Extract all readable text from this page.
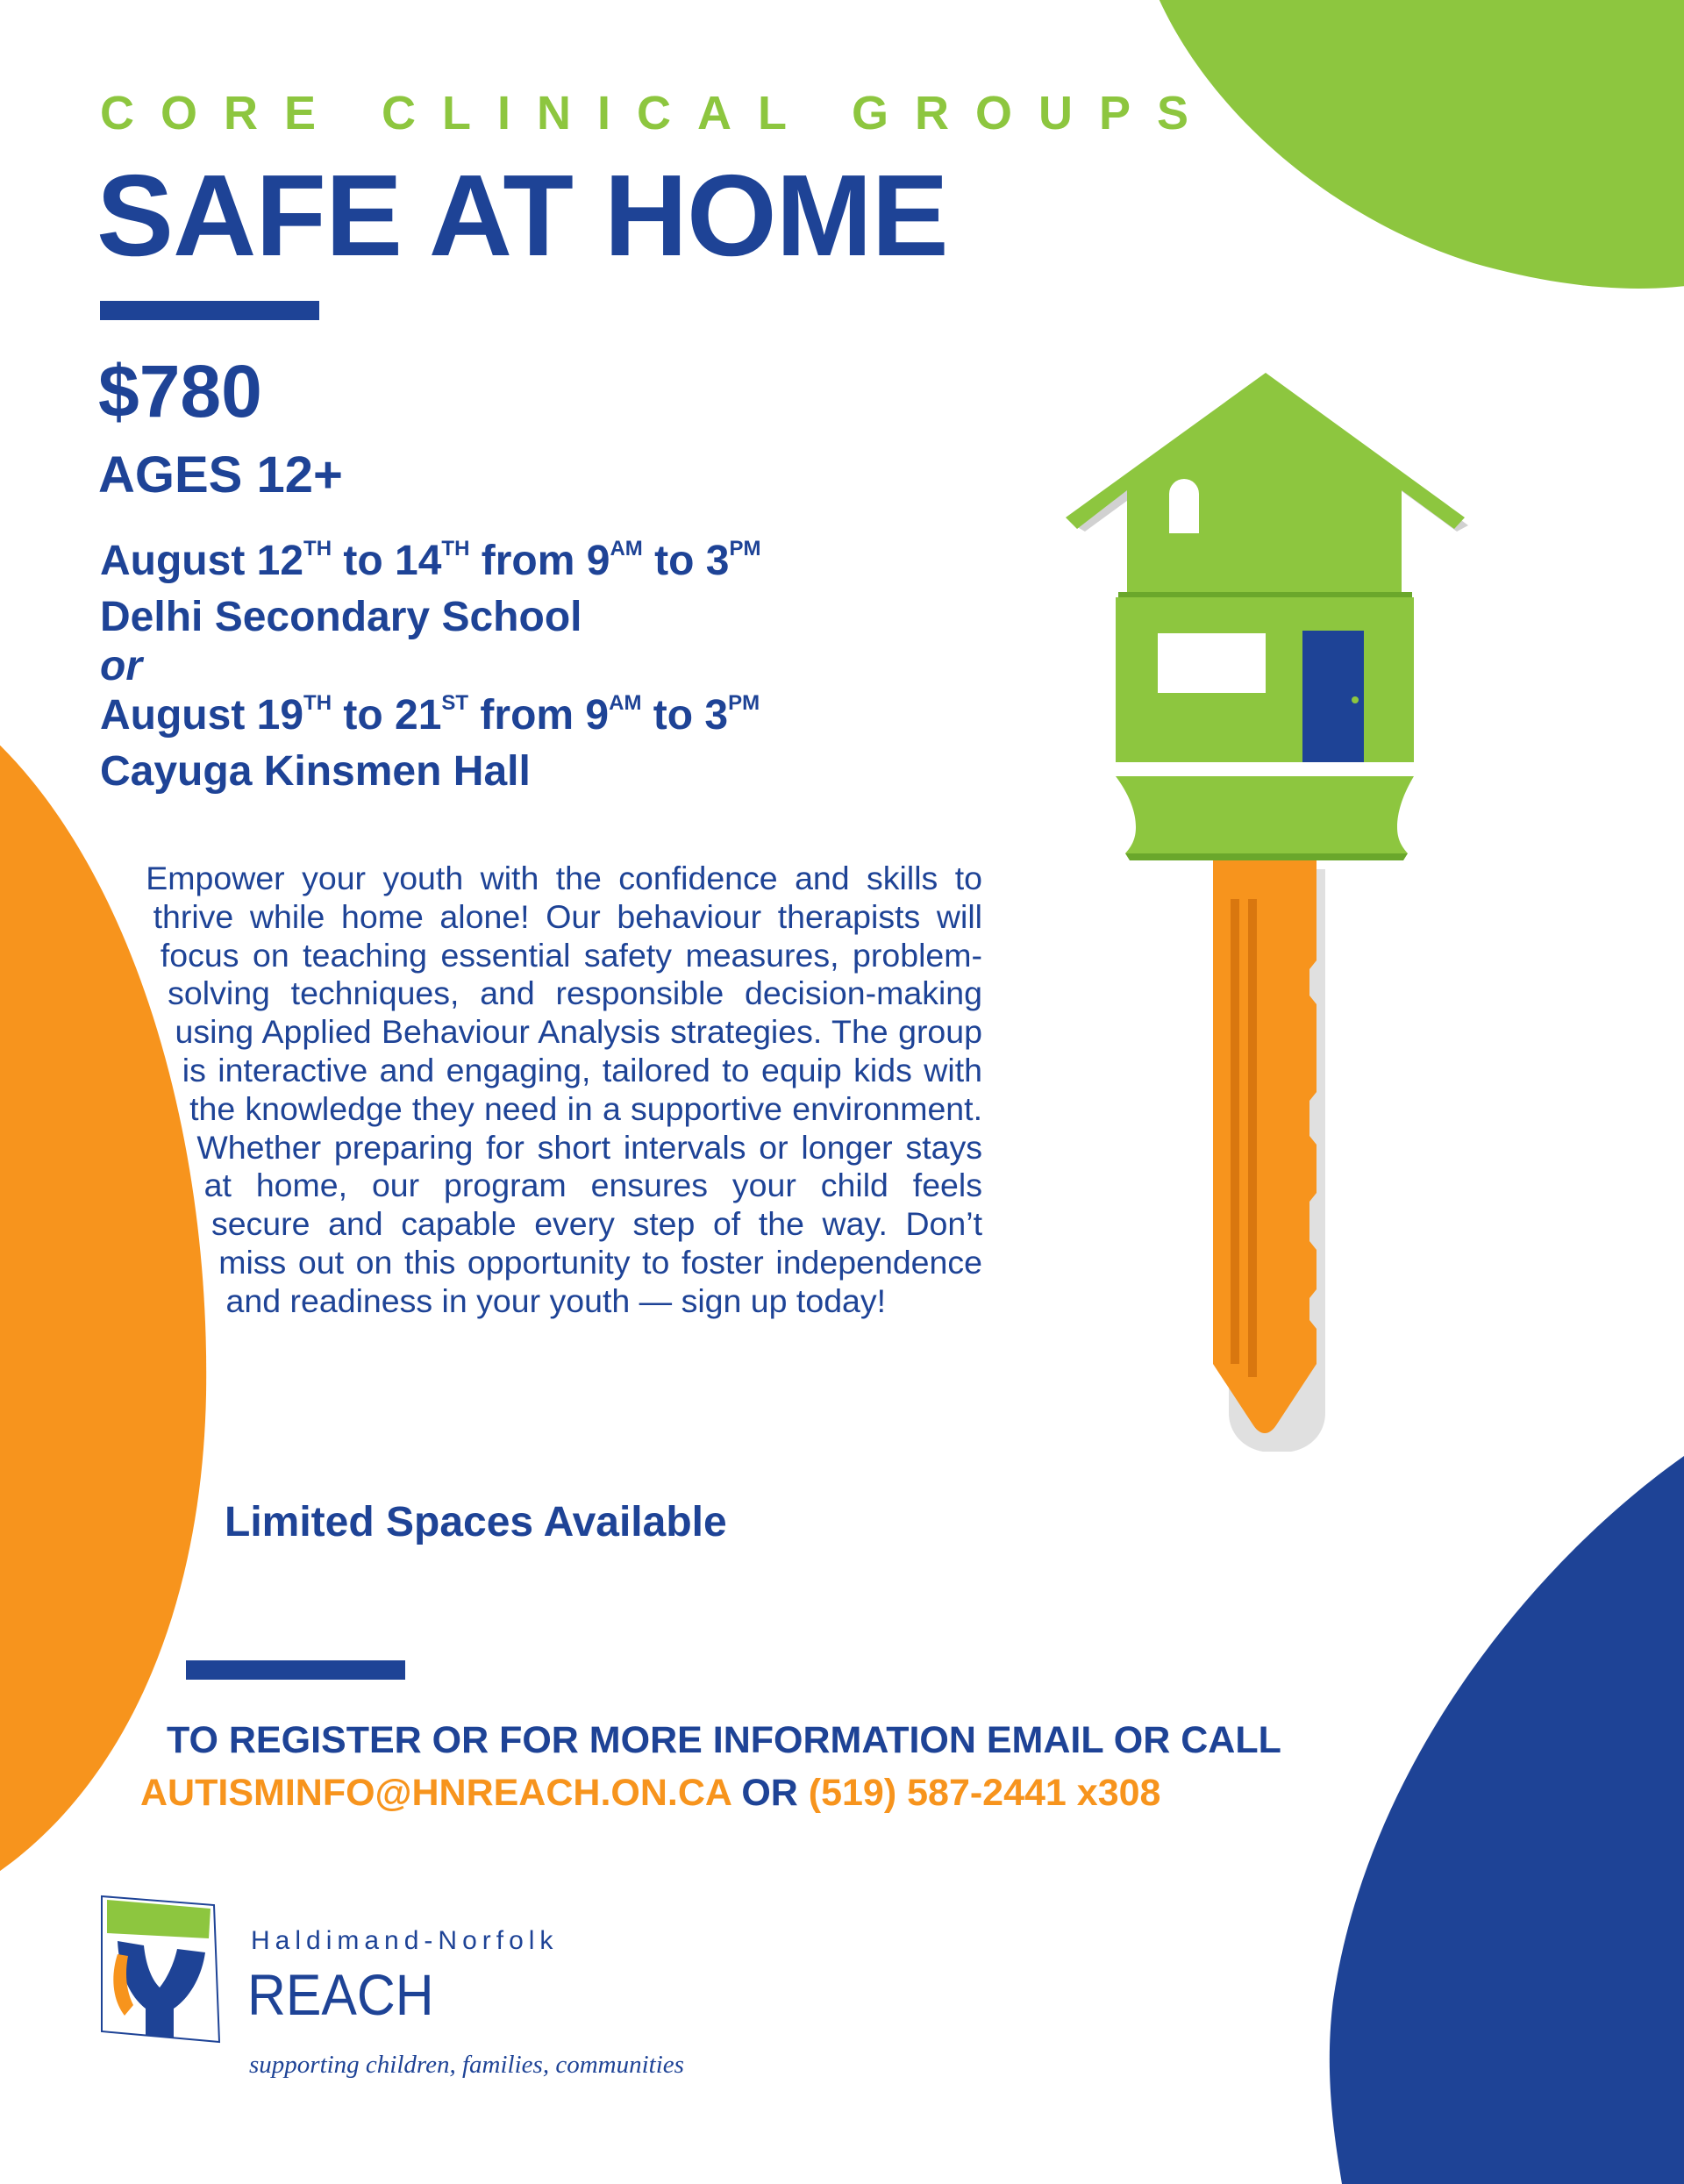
CORE CLINICAL GROUPS
SAFE AT HOME
$780
AGES 12+
August 12TH to 14TH from $9^{AM}$ to $3^{PM}$
Delhi Secondary School
or
August 19TH to 21ST from $9^{AM}$ to $3^{PM}$
Cayuga Kinsmen Hall
Empower your youth with the confidence and skills to thrive while home alone! Our behaviour therapists will focus on teaching essential safety measures, problem-solving techniques, and responsible decision-making using Applied Behaviour Analysis strategies. The group is interactive and engaging, tailored to equip kids with the knowledge they need in a supportive environment. Whether preparing for short intervals or longer stays at home, our program ensures your child feels secure and capable every step of the way. Don’t miss out on this opportunity to foster independence and readiness in your youth — sign up today!
Limited Spaces Available
TO REGISTER OR FOR MORE INFORMATION EMAIL OR CALL
AUTISMINFO@HNREACH.ON.CA OR (519) 587-2441 x308
Haldimand-Norfolk
REACH
supporting children, families, communities
